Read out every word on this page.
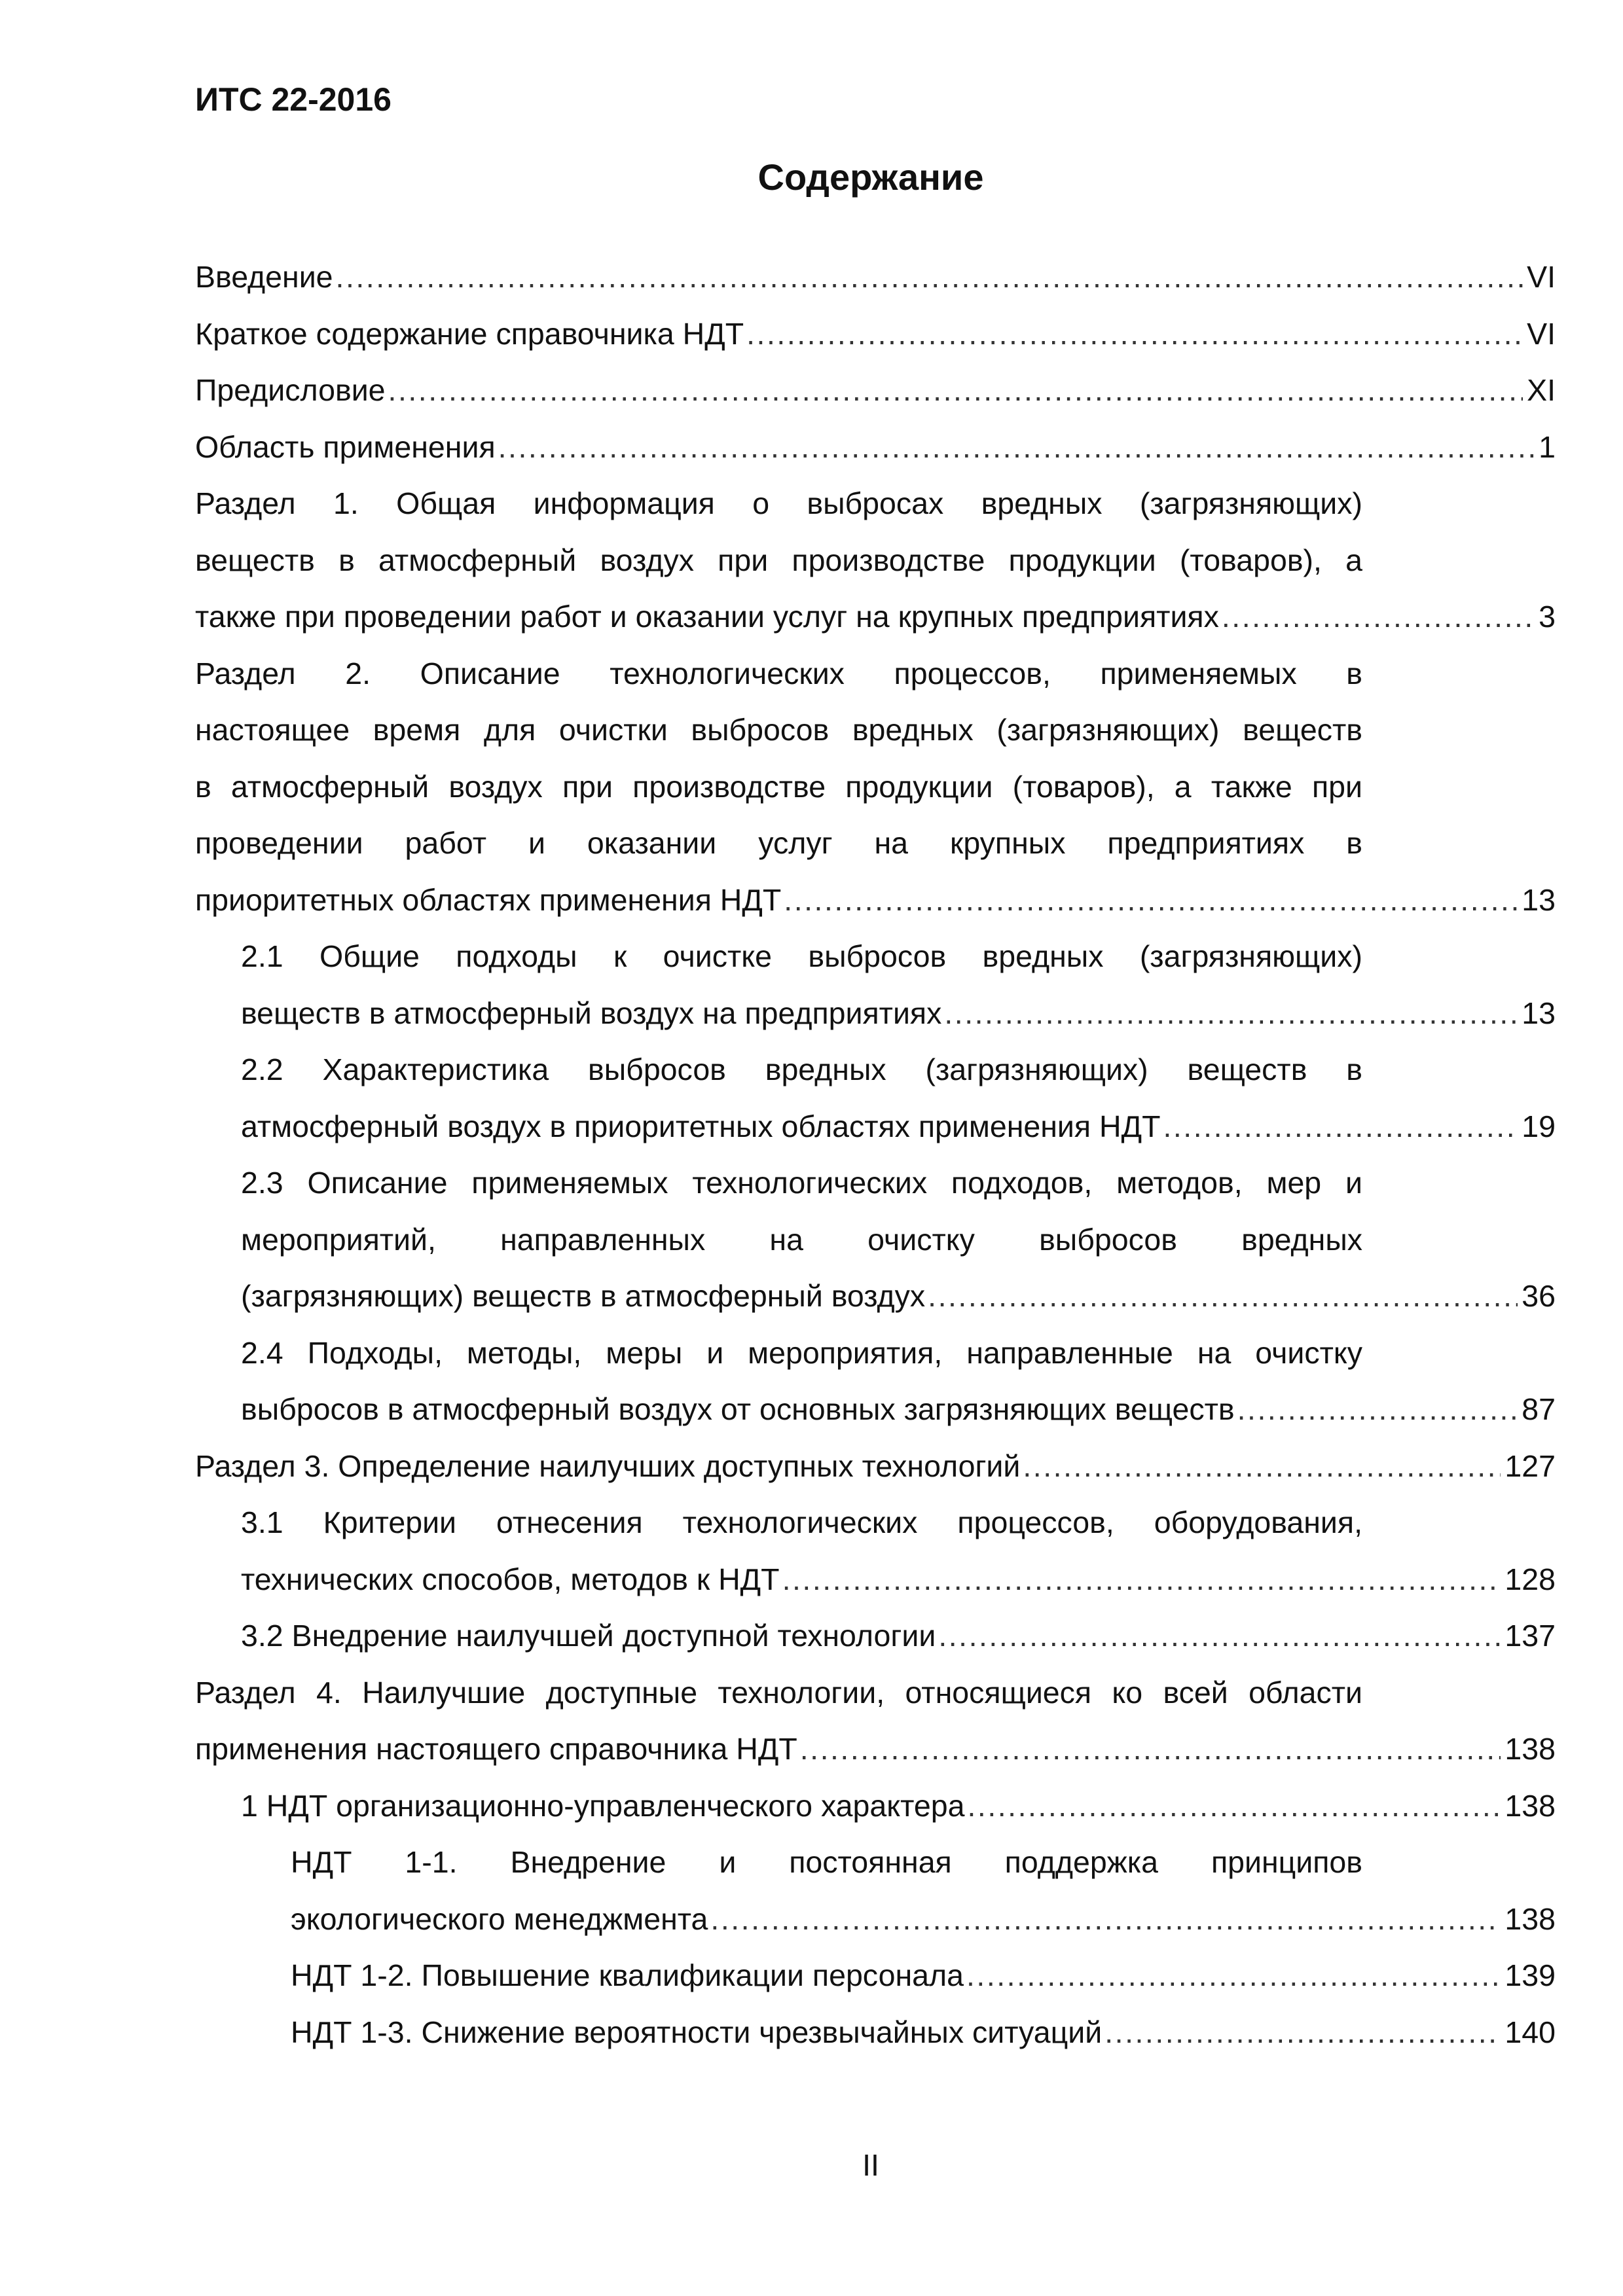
ИТС 22-2016
Содержание
Введение .....	VI
Краткое содержание справочника НДТ .....	VI
Предисловие .....	XI
Область применения .....	1
Раздел 1. Общая информация о выбросах вредных (загрязняющих)
веществ в атмосферный воздух при производстве продукции (товаров), а
также при проведении работ и оказании услуг на крупных предприятиях .....	3
Раздел 2. Описание технологических процессов, применяемых в
настоящее время для очистки выбросов вредных (загрязняющих) веществ
в атмосферный воздух при производстве продукции (товаров), а также при
проведении работ и оказании услуг на крупных предприятиях в
приоритетных областях применения НДТ .....	13
2.1 Общие подходы к очистке выбросов вредных (загрязняющих)
веществ в атмосферный воздух на предприятиях .....	13
2.2 Характеристика выбросов вредных (загрязняющих) веществ в
атмосферный воздух в приоритетных областях применения НДТ .....	19
2.3 Описание применяемых технологических подходов, методов, мер и
мероприятий, направленных на очистку выбросов вредных
(загрязняющих) веществ в атмосферный воздух .....	36
2.4 Подходы, методы, меры и мероприятия, направленные на очистку
выбросов в атмосферный воздух от основных загрязняющих веществ .....	87
Раздел 3. Определение наилучших доступных технологий .....	127
3.1 Критерии отнесения технологических процессов, оборудования,
технических способов, методов к НДТ .....	128
3.2 Внедрение наилучшей доступной технологии .....	137
Раздел 4. Наилучшие доступные технологии, относящиеся ко всей области
применения настоящего справочника НДТ .....	138
1 НДТ организационно-управленческого характера .....	138
НДТ 1-1. Внедрение и постоянная поддержка принципов
экологического менеджмента .....	138
НДТ 1-2. Повышение квалификации персонала .....	139
НДТ 1-3. Снижение вероятности чрезвычайных ситуаций .....	140
II
